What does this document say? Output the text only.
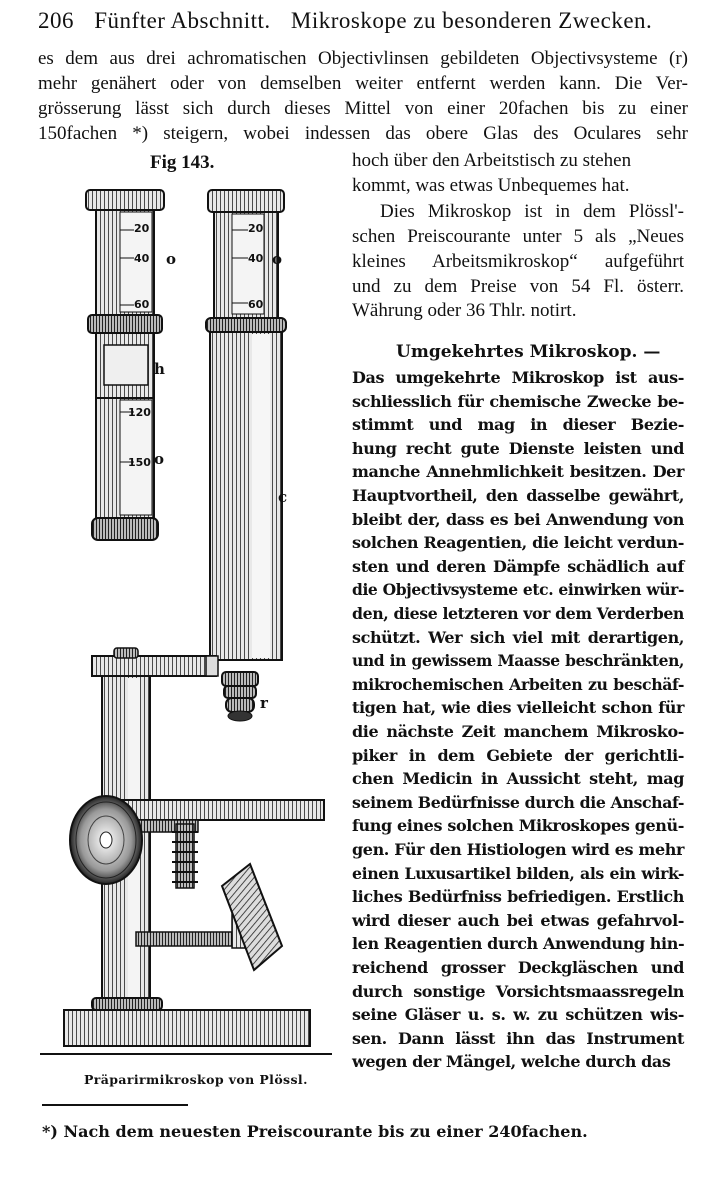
206 Fünfter Abschnitt. Mikroskope zu besonderen Zwecken.
es dem aus drei achromatischen Objectivlinsen gebildeten Objectivsysteme (r)
mehr genähert oder von demselben weiter entfernt werden kann. Die Ver-
grösserung lässt sich durch dieses Mittel von einer 20fachen bis zu einer
150fachen *) steigern, wobei indessen das obere Glas des Oculares sehr
Fig 143.	hoch über den Arbeitstisch zu stehen
kommt, was etwas Unbequemes hat.
Dies Mikroskop ist in dem Plössl'-
schen Preiscourante unter 5 als „Neues
kleines Arbeitsmikroskop“ aufgeführt
und zu dem Preise von 54 Fl. österr.
Währung oder 36 Thlr. notirt.
Umgekehrtes Mikroskop. —
Das umgekehrte Mikroskop ist aus-
schliesslich für chemische Zwecke be-
stimmt und mag in dieser Bezie-
hung recht gute Dienste leisten und
manche Annehmlichkeit besitzen. Der
Hauptvortheil, den dasselbe gewährt,
bleibt der, dass es bei Anwendung von
solchen Reagentien, die leicht verdun-
sten und deren Dämpfe schädlich auf
die Objectivsysteme etc. einwirken wür-
den, diese letzteren vor dem Verderben
schützt. Wer sich viel mit derartigen,
und in gewissem Maasse beschränkten,
mikrochemischen Arbeiten zu beschäf-
tigen hat, wie dies vielleicht schon für
die nächste Zeit manchem Mikrosko-
piker in dem Gebiete der gerichtli-
chen Medicin in Aussicht steht, mag
seinem Bedürfnisse durch die Anschaf-
fung eines solchen Mikroskopes genü-
gen. Für den Histiologen wird es mehr
einen Luxusartikel bilden, als ein wirk-
liches Bedürfniss befriedigen. Erstlich
wird dieser auch bei etwas gefahrvol-
len Reagentien durch Anwendung hin-
reichend grosser Deckgläschen und
durch sonstige Vorsichtsmaassregeln
seine Gläser u. s. w. zu schützen wis-
sen. Dann lässt ihn das Instrument
wegen der Mängel, welche durch das
20
40
60
120
150
20
40
60
o	o
h
o
c
r
Präparirmikroskop von Plössl.
*) Nach dem neuesten Preiscourante bis zu einer 240fachen.
